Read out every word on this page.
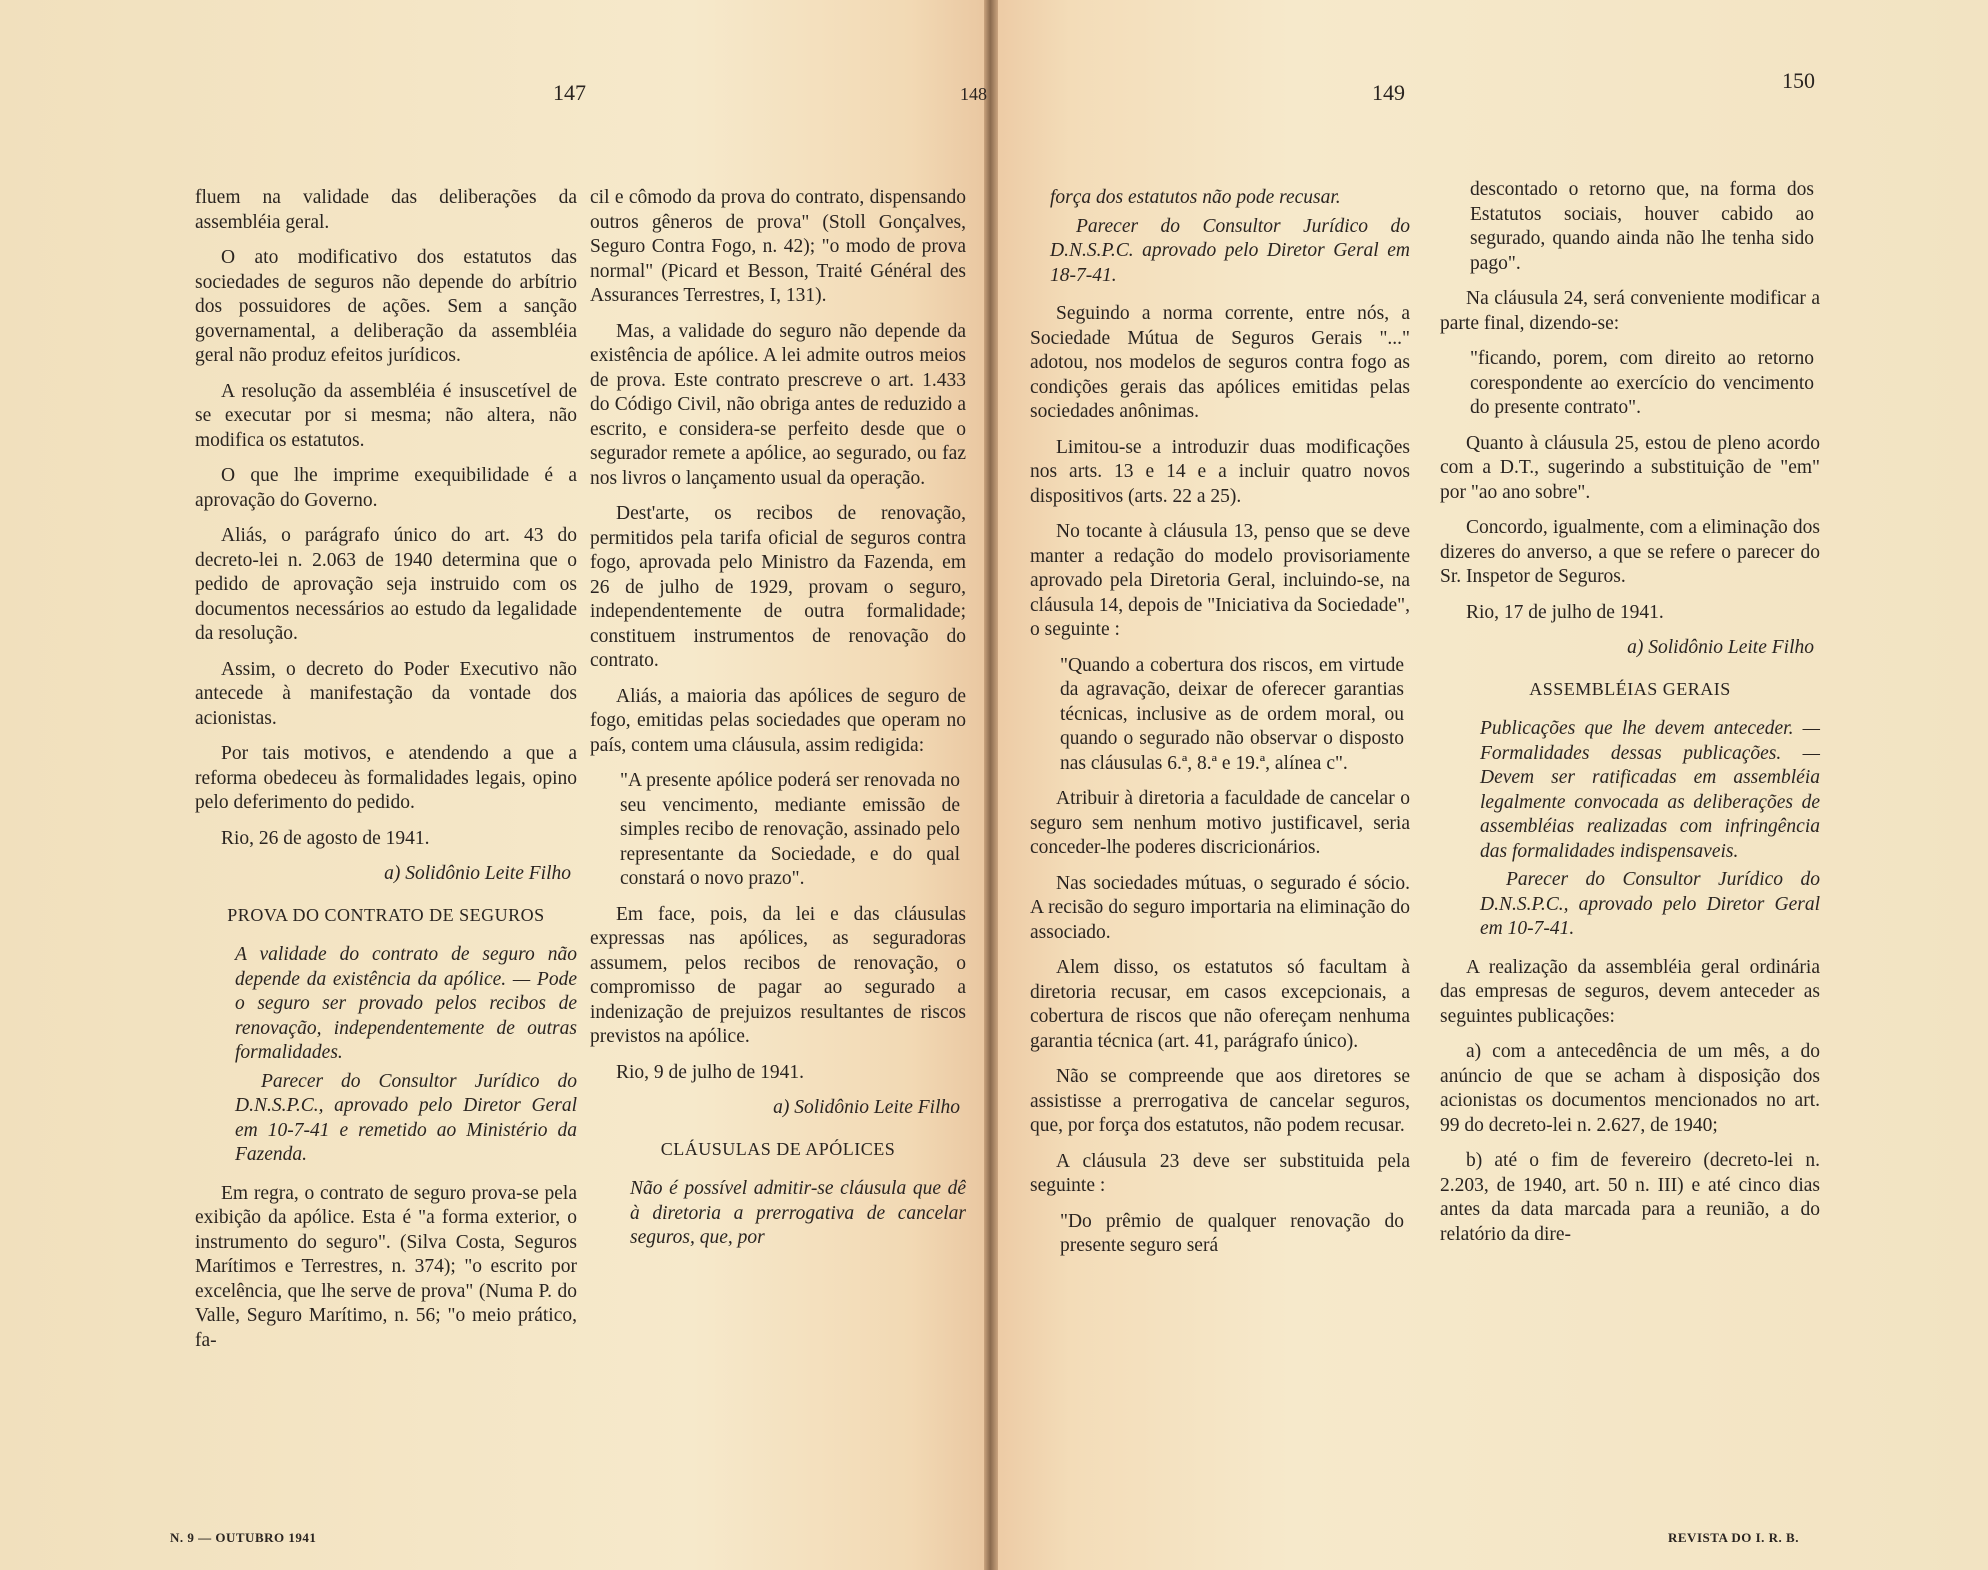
147	148	149	150

fluem na validade das deliberações da assembléia geral.

O ato modificativo dos estatutos das sociedades de seguros não depende do arbítrio dos possuidores de ações. Sem a sanção governamental, a deliberação da assembléia geral não produz efeitos jurídicos.

A resolução da assembléia é insuscetível de se executar por si mesma; não altera, não modifica os estatutos.

O que lhe imprime exequibilidade é a aprovação do Governo.

Aliás, o parágrafo único do art. 43 do decreto-lei n. 2.063 de 1940 determina que o pedido de aprovação seja instruido com os documentos necessários ao estudo da legalidade da resolução.

Assim, o decreto do Poder Executivo não antecede à manifestação da vontade dos acionistas.

Por tais motivos, e atendendo a que a reforma obedeceu às formalidades legais, opino pelo deferimento do pedido.

Rio, 26 de agosto de 1941.

a) Solidônio Leite Filho

PROVA DO CONTRATO DE SEGUROS

A validade do contrato de seguro não depende da existência da apólice. — Pode o seguro ser provado pelos recibos de renovação, independentemente de outras formalidades.

Parecer do Consultor Jurídico do D.N.S.P.C., aprovado pelo Diretor Geral em 10-7-41 e remetido ao Ministério da Fazenda.

Em regra, o contrato de seguro prova-se pela exibição da apólice. Esta é "a forma exterior, o instrumento do seguro". (Silva Costa, Seguros Marítimos e Terrestres, n. 374); "o escrito por excelência, que lhe serve de prova" (Numa P. do Valle, Seguro Marítimo, n. 56; "o meio prático, fa-

cil e cômodo da prova do contrato, dispensando outros gêneros de prova" (Stoll Gonçalves, Seguro Contra Fogo, n. 42); "o modo de prova normal" (Picard et Besson, Traité Général des Assurances Terrestres, I, 131).

Mas, a validade do seguro não depende da existência de apólice. A lei admite outros meios de prova. Este contrato prescreve o art. 1.433 do Código Civil, não obriga antes de reduzido a escrito, e considera-se perfeito desde que o segurador remete a apólice, ao segurado, ou faz nos livros o lançamento usual da operação.

Dest'arte, os recibos de renovação, permitidos pela tarifa oficial de seguros contra fogo, aprovada pelo Ministro da Fazenda, em 26 de julho de 1929, provam o seguro, independentemente de outra formalidade; constituem instrumentos de renovação do contrato.

Aliás, a maioria das apólices de seguro de fogo, emitidas pelas sociedades que operam no país, contem uma cláusula, assim redigida:

"A presente apólice poderá ser renovada no seu vencimento, mediante emissão de simples recibo de renovação, assinado pelo representante da Sociedade, e do qual constará o novo prazo".

Em face, pois, da lei e das cláusulas expressas nas apólices, as seguradoras assumem, pelos recibos de renovação, o compromisso de pagar ao segurado a indenização de prejuizos resultantes de riscos previstos na apólice.

Rio, 9 de julho de 1941.

a) Solidônio Leite Filho

CLÁUSULAS DE APÓLICES

Não é possível admitir-se cláusula que dê à diretoria a prerrogativa de cancelar seguros, que, por

força dos estatutos não pode recusar.

Parecer do Consultor Jurídico do D.N.S.P.C. aprovado pelo Diretor Geral em 18-7-41.

Seguindo a norma corrente, entre nós, a Sociedade Mútua de Seguros Gerais "..." adotou, nos modelos de seguros contra fogo as condições gerais das apólices emitidas pelas sociedades anônimas.

Limitou-se a introduzir duas modificações nos arts. 13 e 14 e a incluir quatro novos dispositivos (arts. 22 a 25).

No tocante à cláusula 13, penso que se deve manter a redação do modelo provisoriamente aprovado pela Diretoria Geral, incluindo-se, na cláusula 14, depois de "Iniciativa da Sociedade", o seguinte :

"Quando a cobertura dos riscos, em virtude da agravação, deixar de oferecer garantias técnicas, inclusive as de ordem moral, ou quando o segurado não observar o disposto nas cláusulas 6.ª, 8.ª e 19.ª, alínea c".

Atribuir à diretoria a faculdade de cancelar o seguro sem nenhum motivo justificavel, seria conceder-lhe poderes discricionários.

Nas sociedades mútuas, o segurado é sócio. A recisão do seguro importaria na eliminação do associado.

Alem disso, os estatutos só facultam à diretoria recusar, em casos excepcionais, a cobertura de riscos que não ofereçam nenhuma garantia técnica (art. 41, parágrafo único).

Não se compreende que aos diretores se assistisse a prerrogativa de cancelar seguros, que, por força dos estatutos, não podem recusar.

A cláusula 23 deve ser substituida pela seguinte :

"Do prêmio de qualquer renovação do presente seguro será

descontado o retorno que, na forma dos Estatutos sociais, houver cabido ao segurado, quando ainda não lhe tenha sido pago".

Na cláusula 24, será conveniente modificar a parte final, dizendo-se:

"ficando, porem, com direito ao retorno corespondente ao exercício do vencimento do presente contrato".

Quanto à cláusula 25, estou de pleno acordo com a D.T., sugerindo a substituição de "em" por "ao ano sobre".

Concordo, igualmente, com a eliminação dos dizeres do anverso, a que se refere o parecer do Sr. Inspetor de Seguros.

Rio, 17 de julho de 1941.

a) Solidônio Leite Filho

ASSEMBLÉIAS GERAIS

Publicações que lhe devem anteceder. — Formalidades dessas publicações. — Devem ser ratificadas em assembléia legalmente convocada as deliberações de assembléias realizadas com infringência das formalidades indispensaveis.

Parecer do Consultor Jurídico do D.N.S.P.C., aprovado pelo Diretor Geral em 10-7-41.

A realização da assembléia geral ordinária das empresas de seguros, devem anteceder as seguintes publicações:

a) com a antecedência de um mês, a do anúncio de que se acham à disposição dos acionistas os documentos mencionados no art. 99 do decreto-lei n. 2.627, de 1940;

b) até o fim de fevereiro (decreto-lei n. 2.203, de 1940, art. 50 n. III) e até cinco dias antes da data marcada para a reunião, a do relatório da dire-

N. 9 — OUTUBRO 1941	REVISTA DO I. R. B.
